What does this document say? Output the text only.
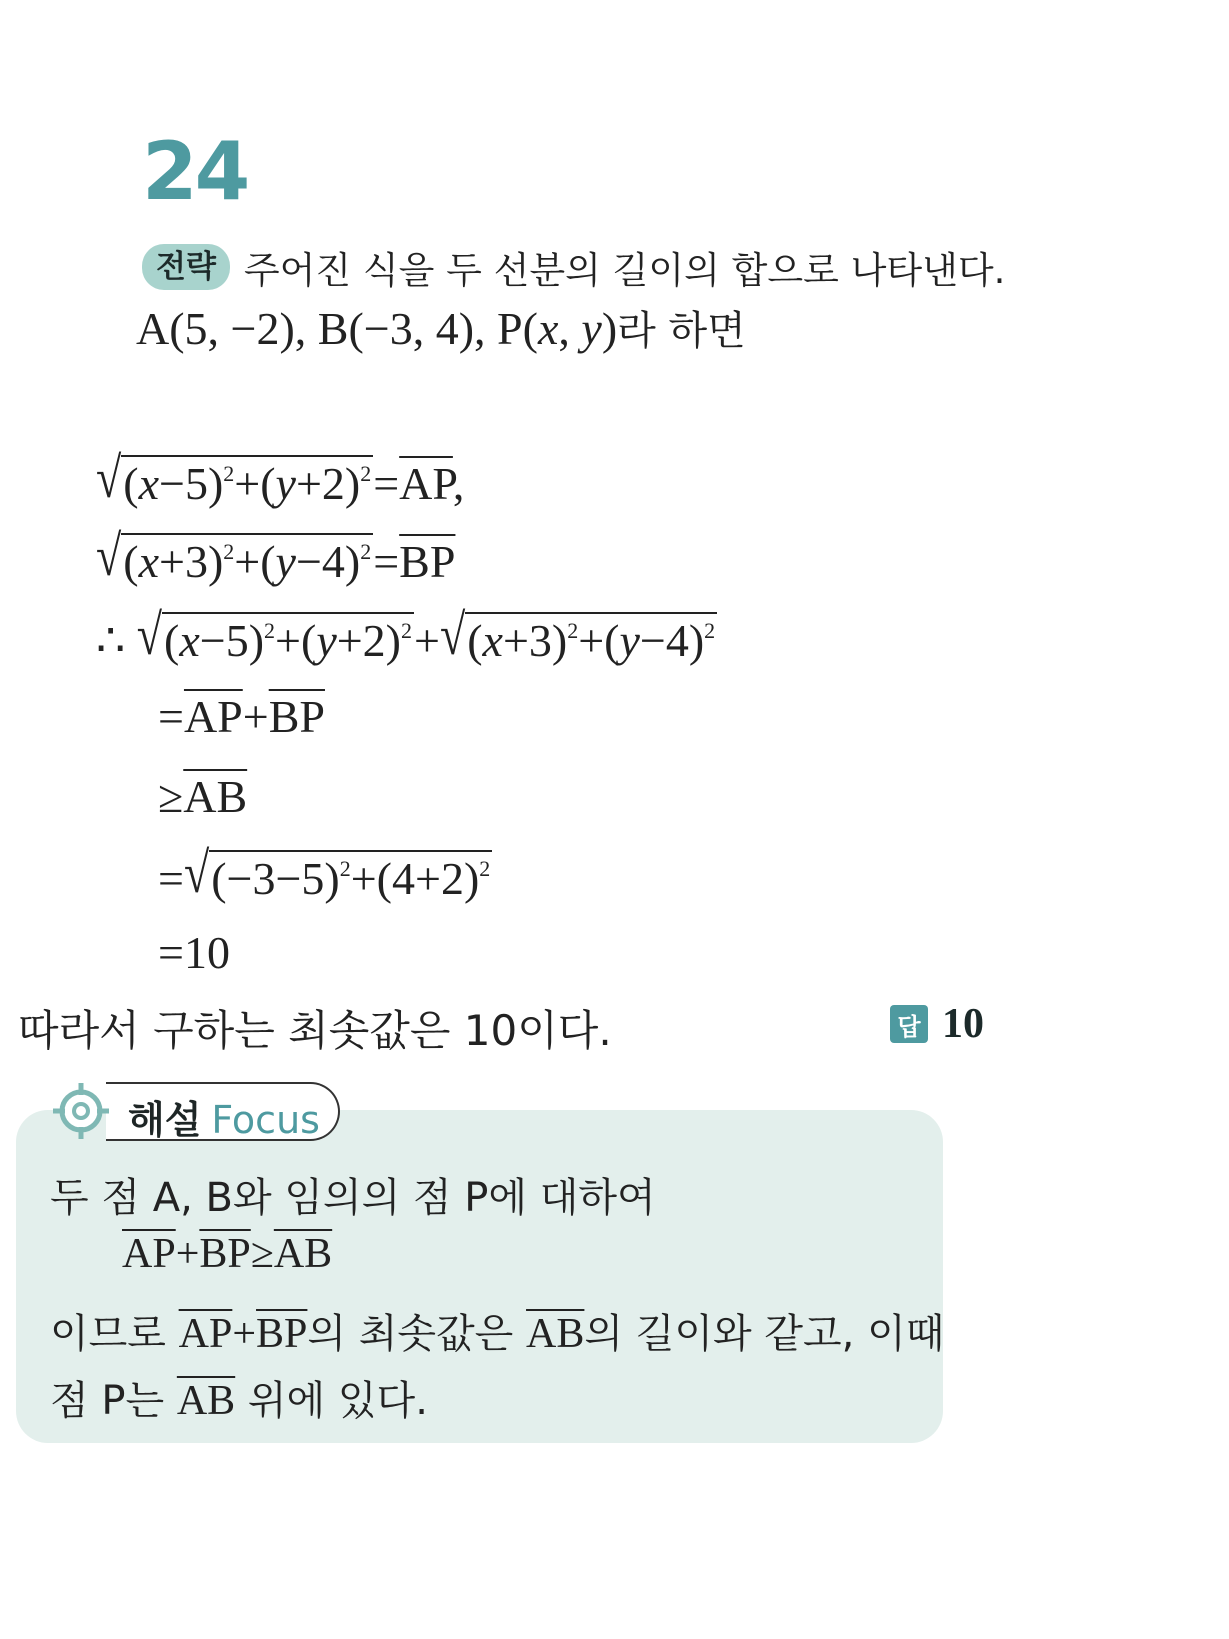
24
전략 주어진 식을 두 선분의 길이의 합으로 나타낸다.
A(5, −2), B(−3, 4), P(x, y)라 하면
$√(x-5)^2+(y+2)^2=\overline{AP}$,
$√(x+3)^2+(y-4)^2=\overline{BP}$
∴ $√(x-5)^2+(y+2)^2+√(x+3)^2+(y-4)^2$
$=\overline{AP}+\overline{BP}$
$\ge\overline{AB}$
$=√(-3-5)^2+(4+2)^2$
=10
따라서 구하는 최솟값은 10이다.	답 10
해설 Focus
두 점 A, B와 임의의 점 P에 대하여
$\overline{AP}+\overline{BP}\ge\overline{AB}$
이므로 $\overline{AP}+\overline{BP}$의 최솟값은 $\overline{AB}$의 길이와 같고, 이때
점 P는 $\overline{AB}$ 위에 있다.
